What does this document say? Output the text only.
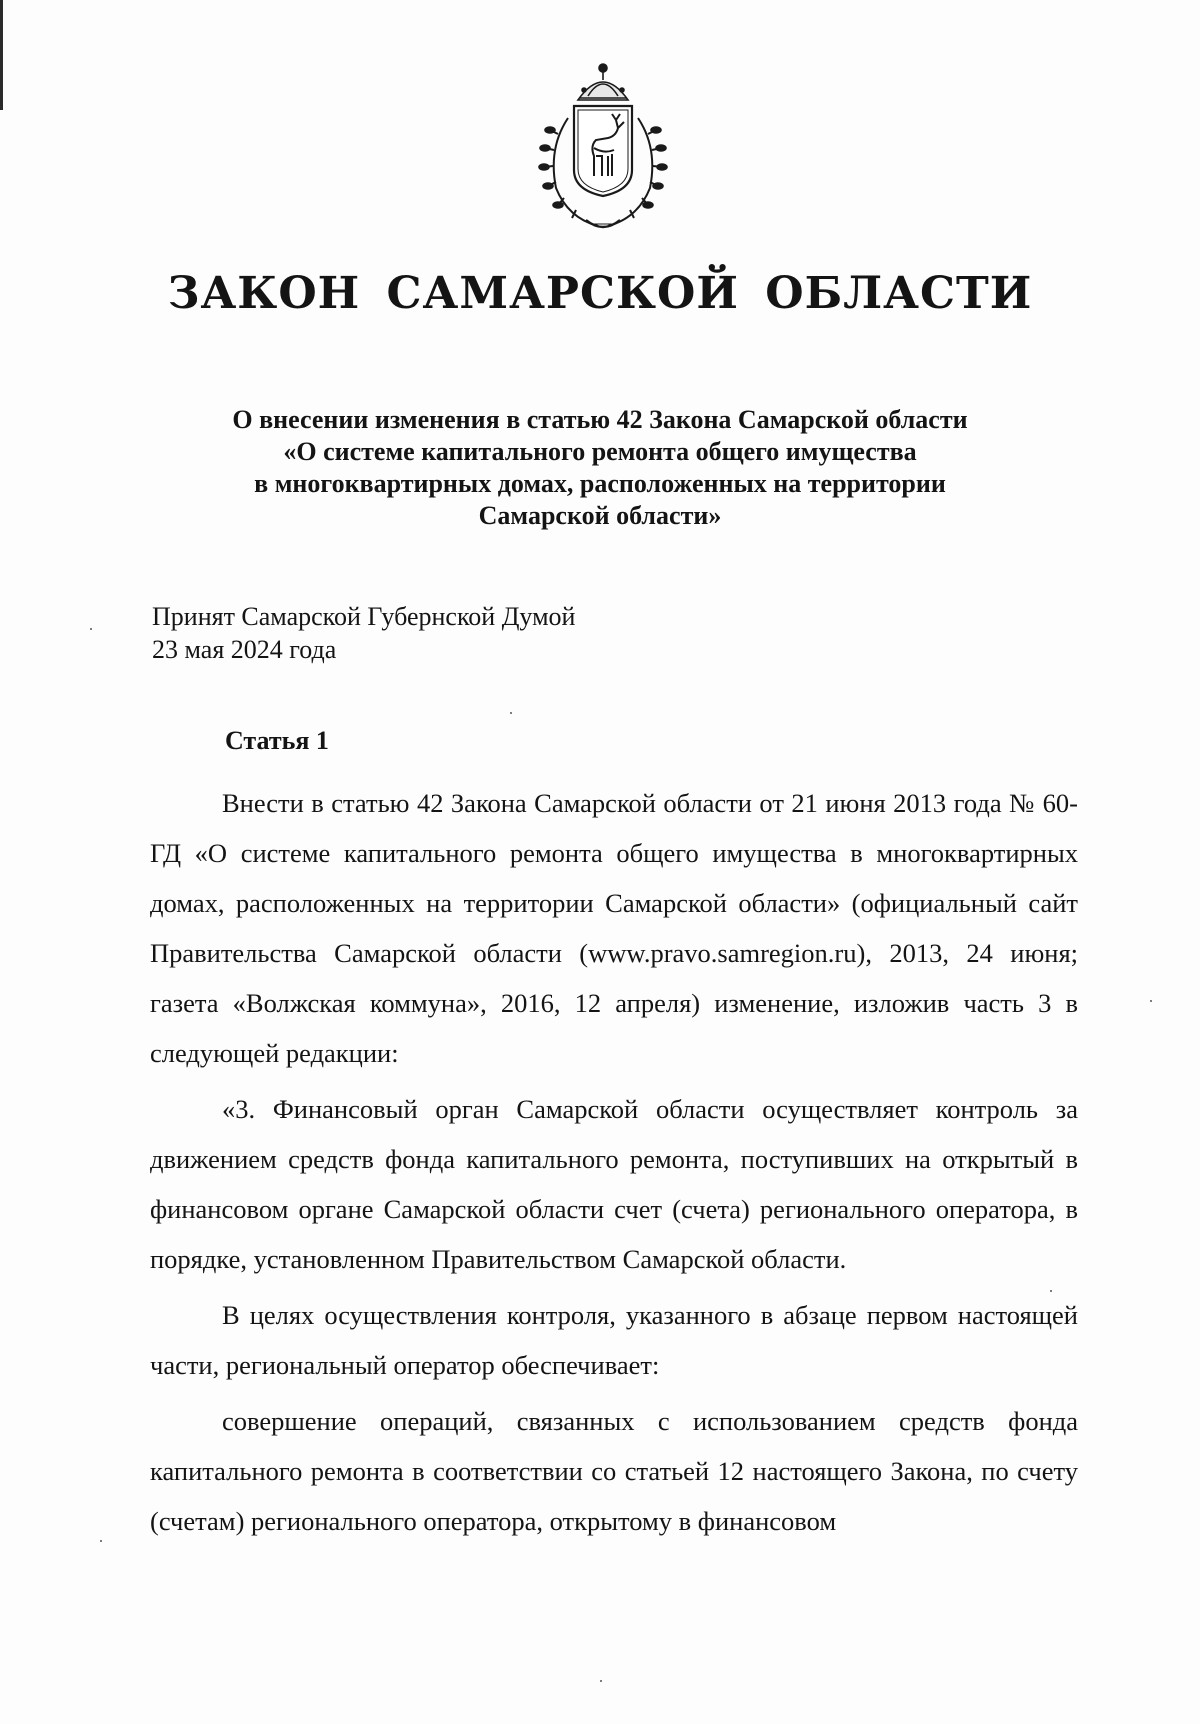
ЗАКОН САМАРСКОЙ ОБЛАСТИ
О внесении изменения в статью 42 Закона Самарской области
«О системе капитального ремонта общего имущества
в многоквартирных домах, расположенных на территории
Самарской области»
Принят Самарской Губернской Думой
23 мая 2024 года
Статья 1

Внести в статью 42 Закона Самарской области от 21 июня 2013 года № 60-ГД «О системе капитального ремонта общего имущества в многоквартирных домах, расположенных на территории Самарской области» (официальный сайт Правительства Самарской области (www.pravo.samregion.ru), 2013, 24 июня; газета «Волжская коммуна», 2016, 12 апреля) изменение, изложив часть 3 в следующей редакции:

«3. Финансовый орган Самарской области осуществляет контроль за движением средств фонда капитального ремонта, поступивших на открытый в финансовом органе Самарской области счет (счета) регионального оператора, в порядке, установленном Правительством Самарской области.

В целях осуществления контроля, указанного в абзаце первом настоящей части, региональный оператор обеспечивает:

совершение операций, связанных с использованием средств фонда капитального ремонта в соответствии со статьей 12 настоящего Закона, по счету (счетам) регионального оператора, открытому в финансовом
